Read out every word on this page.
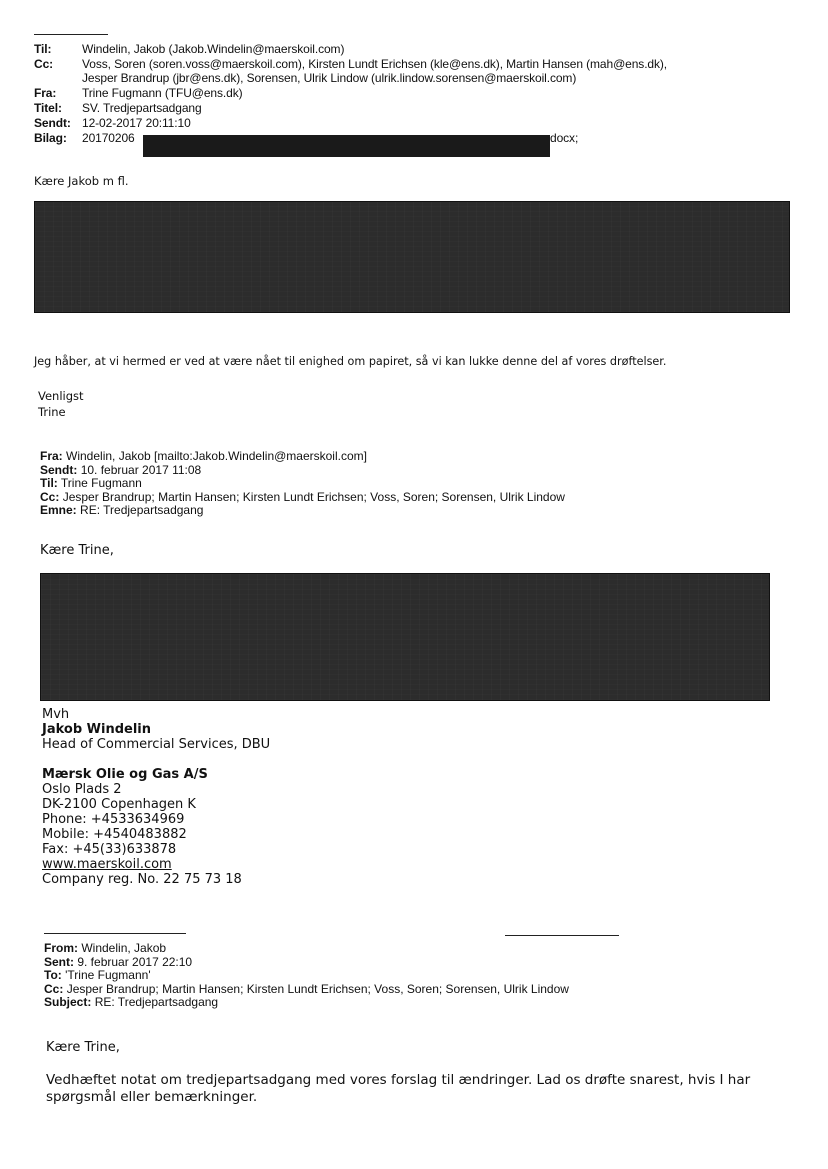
Til:	Windelin, Jakob (Jakob.Windelin@maerskoil.com)
Cc: Voss, Soren (soren.voss@maerskoil.com), Kirsten Lundt Erichsen (kle@ens.dk), Martin Hansen (mah@ens.dk),
Jesper Brandrup (jbr@ens.dk), Sorensen, Ulrik Lindow (ulrik.lindow.sorensen@maerskoil.com)
Fra: Trine Fugmann (TFU@ens.dk)
Titel: SV. Tredjepartsadgang
Sendt: 12-02-2017 20:11:10
Bilag: 20170206	docx;
Kære Jakob m fl.
Jeg håber, at vi hermed er ved at være nået til enighed om papiret, så vi kan lukke denne del af vores drøftelser.
Venligst
Trine
Fra: Windelin, Jakob [mailto:Jakob.Windelin@maerskoil.com]
Sendt: 10. februar 2017 11:08
Til: Trine Fugmann
Cc: Jesper Brandrup; Martin Hansen; Kirsten Lundt Erichsen; Voss, Soren; Sorensen, Ulrik Lindow
Emne: RE: Tredjepartsadgang
Kære Trine,
Mvh
Jakob Windelin
Head of Commercial Services, DBU
Mærsk Olie og Gas A/S
Oslo Plads 2
DK-2100 Copenhagen K
Phone: +4533634969
Mobile: +4540483882
Fax: +45(33)633878
www.maerskoil.com
Company reg. No. 22 75 73 18
From: Windelin, Jakob
Sent: 9. februar 2017 22:10
To: 'Trine Fugmann'
Cc: Jesper Brandrup; Martin Hansen; Kirsten Lundt Erichsen; Voss, Soren; Sorensen, Ulrik Lindow
Subject: RE: Tredjepartsadgang
Kære Trine,
Vedhæftet notat om tredjepartsadgang med vores forslag til ændringer. Lad os drøfte snarest, hvis I har
spørgsmål eller bemærkninger.
